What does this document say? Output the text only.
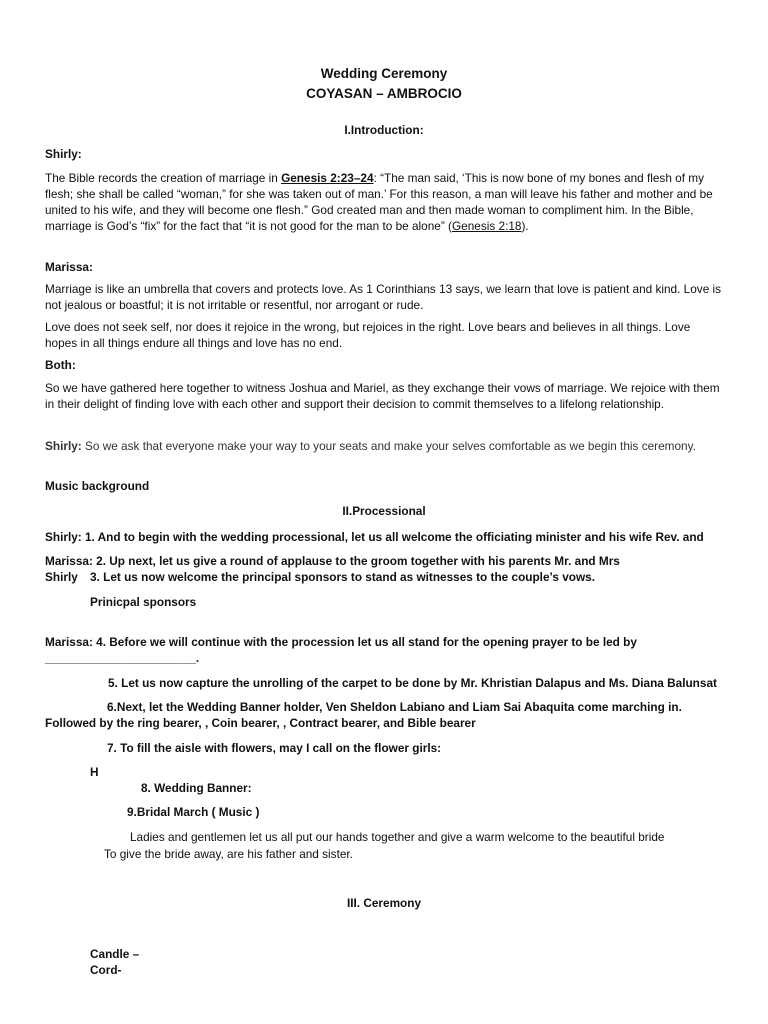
Wedding Ceremony
COYASAN – AMBROCIO
I.Introduction:
Shirly:
The Bible records the creation of marriage in Genesis 2:23–24: “The man said, ‘This is now bone of my bones and flesh of my flesh; she shall be called “woman,” for she was taken out of man.’ For this reason, a man will leave his father and mother and be united to his wife, and they will become one flesh.” God created man and then made woman to compliment him. In the Bible, marriage is God’s “fix” for the fact that “it is not good for the man to be alone” (Genesis 2:18).
Marissa:
Marriage is like an umbrella that covers and protects love. As 1 Corinthians 13 says, we learn that love is patient and kind. Love is not jealous or boastful; it is not irritable or resentful, nor arrogant or rude.
Love does not seek self, nor does it rejoice in the wrong, but rejoices in the right. Love bears and believes in all things. Love hopes in all things endure all things and love has no end.
Both:
So we have gathered here together to witness Joshua and Mariel, as they exchange their vows of marriage. We rejoice with them in their delight of finding love with each other and support their decision to commit themselves to a lifelong relationship.
Shirly: So we ask that everyone make your way to your seats and make your selves comfortable as we begin this ceremony.
Music background
II.Processional
Shirly: 1. And to begin with the wedding processional, let us all welcome the officiating minister and his wife Rev. and
Marissa: 2. Up next, let us give a round of applause to the groom together with his parents Mr. and Mrs
Shirly 3. Let us now welcome the principal sponsors to stand as witnesses to the couple’s vows.
Prinicpal sponsors
Marissa: 4. Before we will continue with the procession let us all stand for the opening prayer to be led by
_______________________.
5. Let us now capture the unrolling of the carpet to be done by Mr. Khristian Dalapus and Ms. Diana Balunsat
6.Next, let the Wedding Banner holder, Ven Sheldon Labiano and Liam Sai Abaquita come marching in.
Followed by the ring bearer, , Coin bearer, , Contract bearer, and Bible bearer
7. To fill the aisle with flowers, may I call on the flower girls:
H
8. Wedding Banner:
9.Bridal March ( Music )
Ladies and gentlemen let us all put our hands together and give a warm welcome to the beautiful bride
To give the bride away, are his father and sister.
III. Ceremony
Candle –
Cord-
